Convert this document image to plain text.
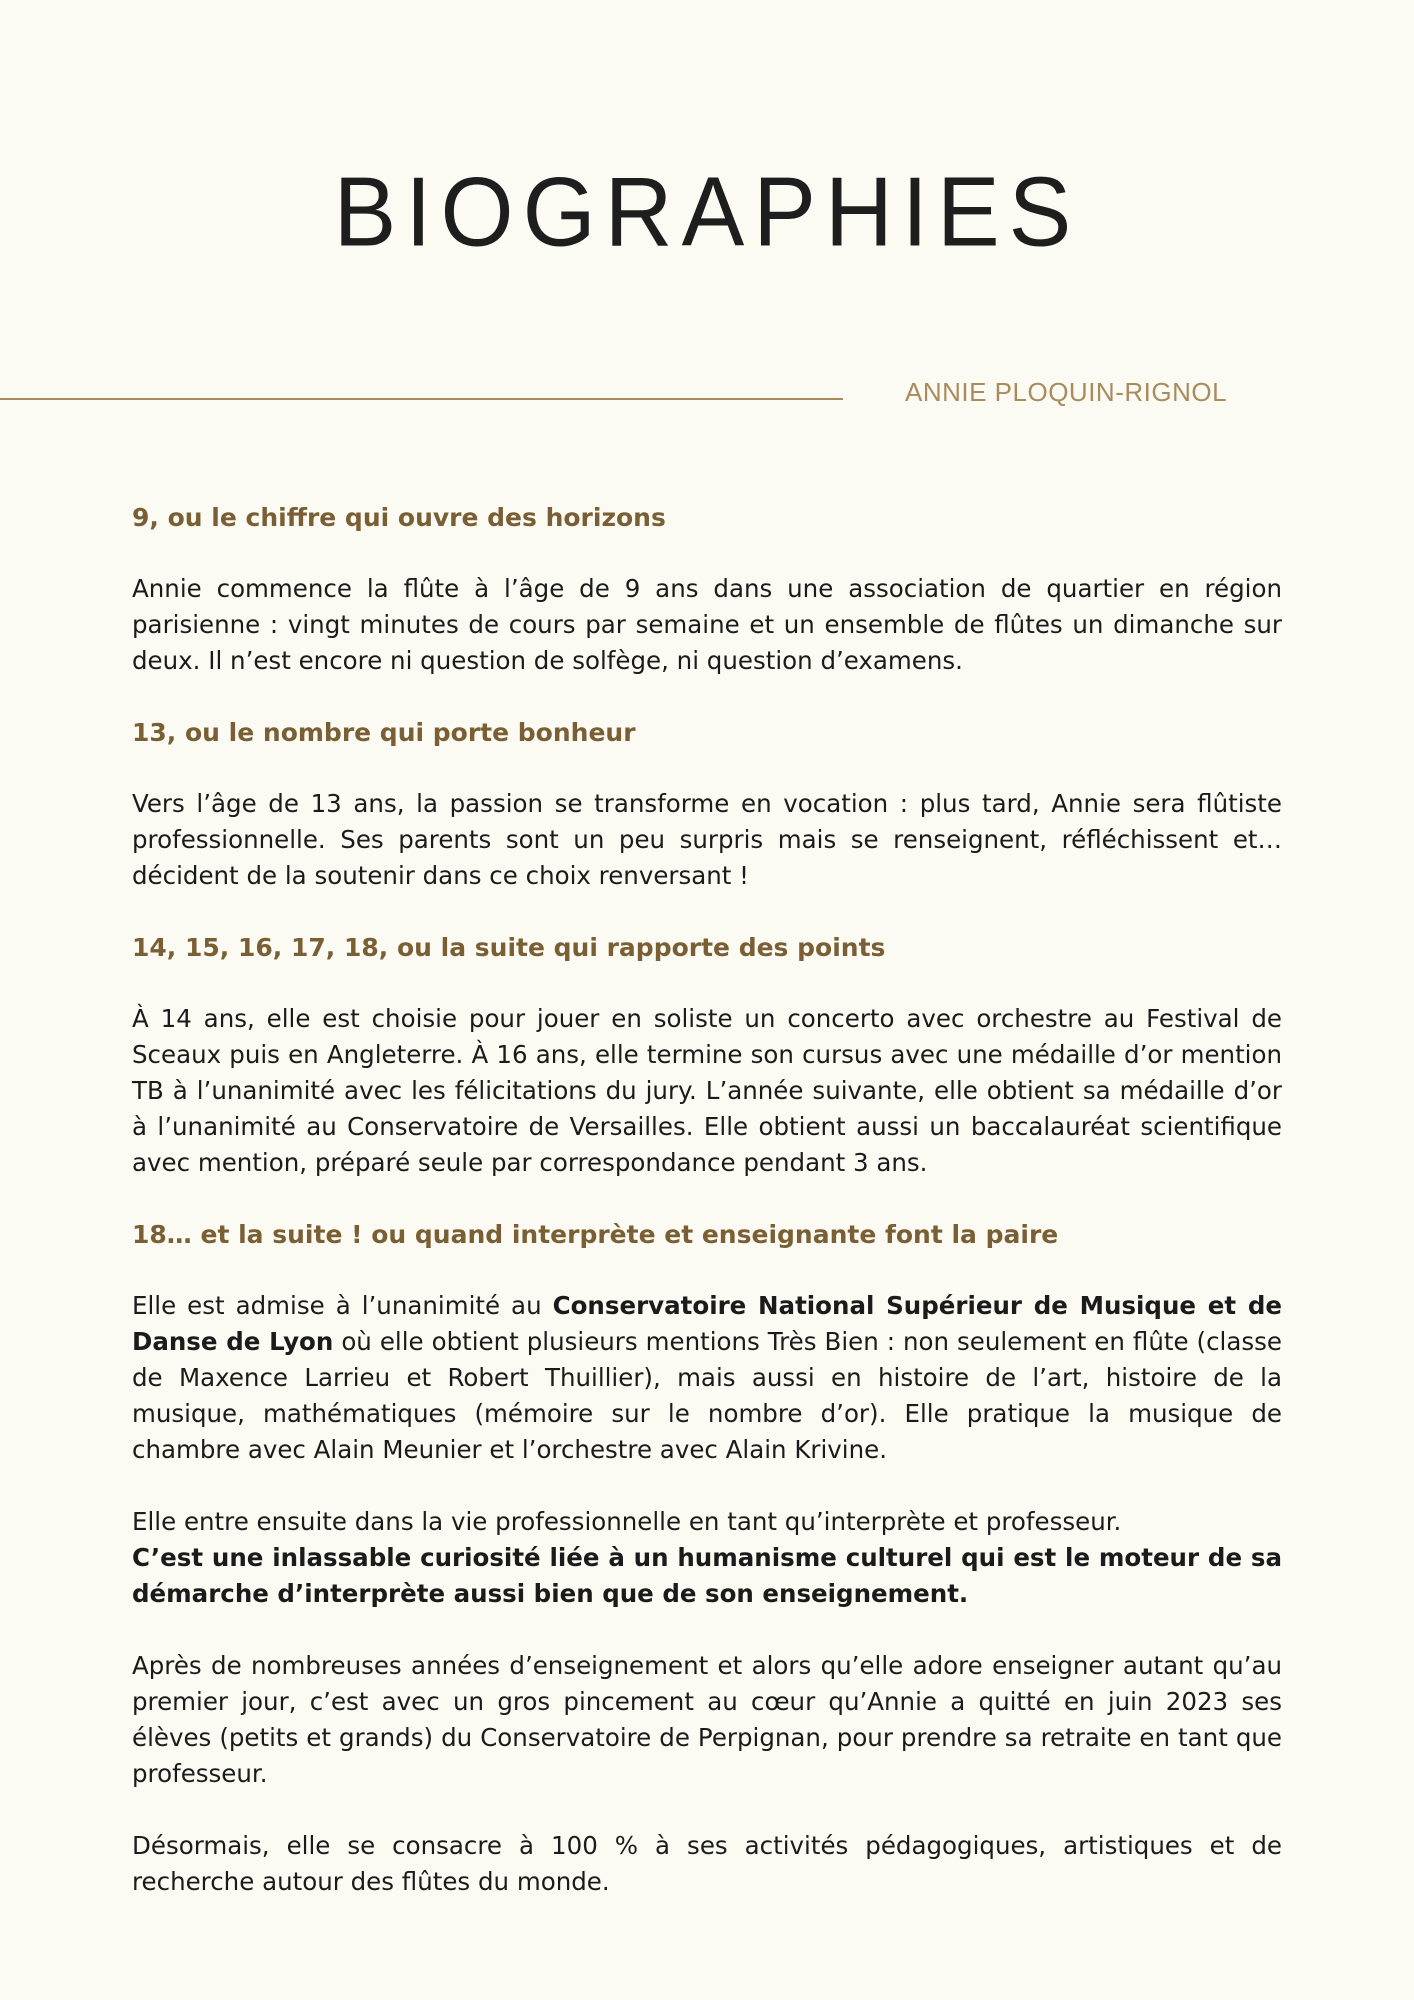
BIOGRAPHIES
ANNIE PLOQUIN-RIGNOL
9, ou le chiffre qui ouvre des horizons

Annie commence la flûte à l’âge de 9 ans dans une association de quartier en région parisienne : vingt minutes de cours par semaine et un ensemble de flûtes un dimanche sur deux. Il n’est encore ni question de solfège, ni question d’examens.

13, ou le nombre qui porte bonheur

Vers l’âge de 13 ans, la passion se transforme en vocation : plus tard, Annie sera flûtiste professionnelle. Ses parents sont un peu surpris mais se renseignent, réfléchissent et… décident de la soutenir dans ce choix renversant !

14, 15, 16, 17, 18, ou la suite qui rapporte des points

À 14 ans, elle est choisie pour jouer en soliste un concerto avec orchestre au Festival de Sceaux puis en Angleterre. À 16 ans, elle termine son cursus avec une médaille d’or mention TB à l’unanimité avec les félicitations du jury. L’année suivante, elle obtient sa médaille d’or à l’unanimité au Conservatoire de Versailles. Elle obtient aussi un baccalauréat scientifique avec mention, préparé seule par correspondance pendant 3 ans.

18… et la suite ! ou quand interprète et enseignante font la paire

Elle est admise à l’unanimité au Conservatoire National Supérieur de Musique et de Danse de Lyon où elle obtient plusieurs mentions Très Bien : non seulement en flûte (classe de Maxence Larrieu et Robert Thuillier), mais aussi en histoire de l’art, histoire de la musique, mathématiques (mémoire sur le nombre d’or). Elle pratique la musique de chambre avec Alain Meunier et l’orchestre avec Alain Krivine.

Elle entre ensuite dans la vie professionnelle en tant qu’interprète et professeur.

C’est une inlassable curiosité liée à un humanisme culturel qui est le moteur de sa démarche d’interprète aussi bien que de son enseignement.

Après de nombreuses années d’enseignement et alors qu’elle adore enseigner autant qu’au premier jour, c’est avec un gros pincement au cœur qu’Annie a quitté en juin 2023 ses élèves (petits et grands) du Conservatoire de Perpignan, pour prendre sa retraite en tant que professeur.

Désormais, elle se consacre à 100 % à ses activités pédagogiques, artistiques et de recherche autour des flûtes du monde.
